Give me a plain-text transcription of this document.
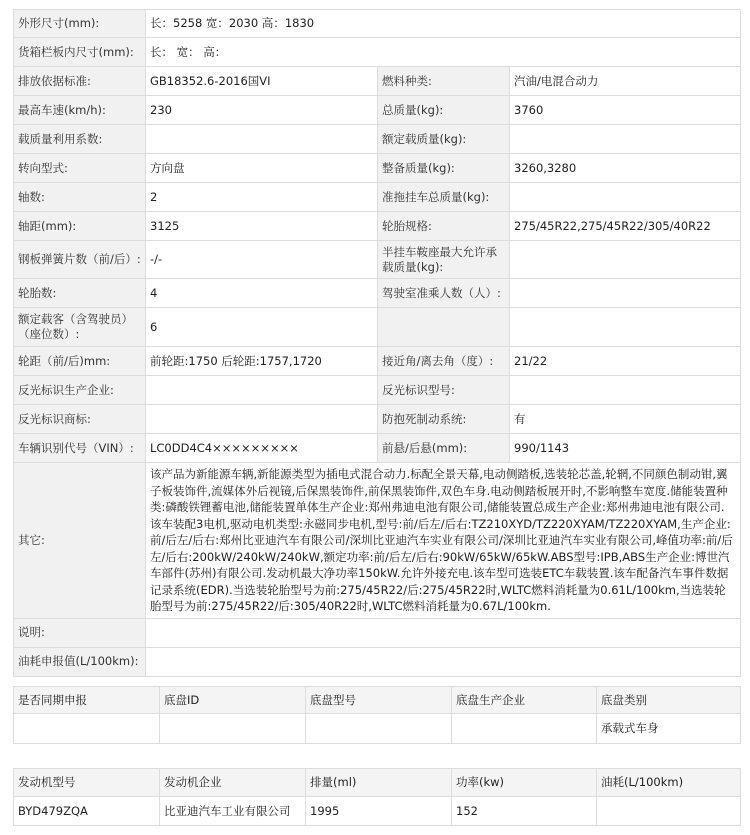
外形尺寸(mm):	长：5258 宽：2030 高：1830		
货箱栏板内尺寸(mm):	长： 宽： 高：		
排放依据标准:	GB18352.6-2016国VI	燃料种类:	汽油/电混合动力
最高车速(km/h):	230	总质量(kg):	3760
载质量利用系数:		额定载质量(kg):	
转向型式:	方向盘	整备质量(kg):	3260,3280
轴数:	2	准拖挂车总质量(kg):	
轴距(mm):	3125	轮胎规格:	275/45R22,275/45R22/305/40R22
钢板弹簧片数（前/后）:	-/-	半挂车鞍座最大允许承载质量(kg):	
轮胎数:	4	驾驶室准乘人数（人）:	
额定载客（含驾驶员）（座位数）:	6		
轮距（前/后)mm:	前轮距:1750 后轮距:1757,1720	接近角/离去角（度）:	21/22
反光标识生产企业:		反光标识型号:	
反光标识商标:		防抱死制动系统:	有
车辆识别代号（VIN）:	LC0DD4C4×××××××××	前悬/后悬(mm):	990/1143
其它:	该产品为新能源车辆,新能源类型为插电式混合动力.标配全景天幕,电动侧踏板,选装轮芯盖,轮辋,不同颜色制动钳,翼子板装饰件,流媒体外后视镜,后保黑装饰件,前保黑装饰件,双色车身.电动侧踏板展开时,不影响整车宽度.储能装置种类:磷酸铁锂蓄电池,储能装置单体生产企业:郑州弗迪电池有限公司,储能装置总成生产企业:郑州弗迪电池有限公司.该车装配3电机,驱动电机类型:永磁同步电机,型号:前/后左/后右:TZ210XYD/TZ220XYAM/TZ220XYAM,生产企业:前/后左/后右:郑州比亚迪汽车有限公司/深圳比亚迪汽车实业有限公司/深圳比亚迪汽车实业有限公司,峰值功率:前/后左/后右:200kW/240kW/240kW,额定功率:前/后左/后右:90kW/65kW/65kW.ABS型号:IPB,ABS生产企业:博世汽车部件(苏州)有限公司.发动机最大净功率150kW.允许外接充电.该车型可选装ETC车载装置.该车配备汽车事件数据记录系统(EDR).当选装轮胎型号为前:275/45R22/后:275/45R22时,WLTC燃料消耗量为0.61L/100km,当选装轮胎型号为前:275/45R22/后:305/40R22时,WLTC燃料消耗量为0.67L/100km.		
说明:			
油耗申报值(L/100km):			
是否同期申报	底盘ID	底盘型号	底盘生产企业	底盘类别
				承载式车身
发动机型号	发动机企业	排量(ml)	功率(kw)	油耗(L/100km)
BYD479ZQA	比亚迪汽车工业有限公司	1995	152	
